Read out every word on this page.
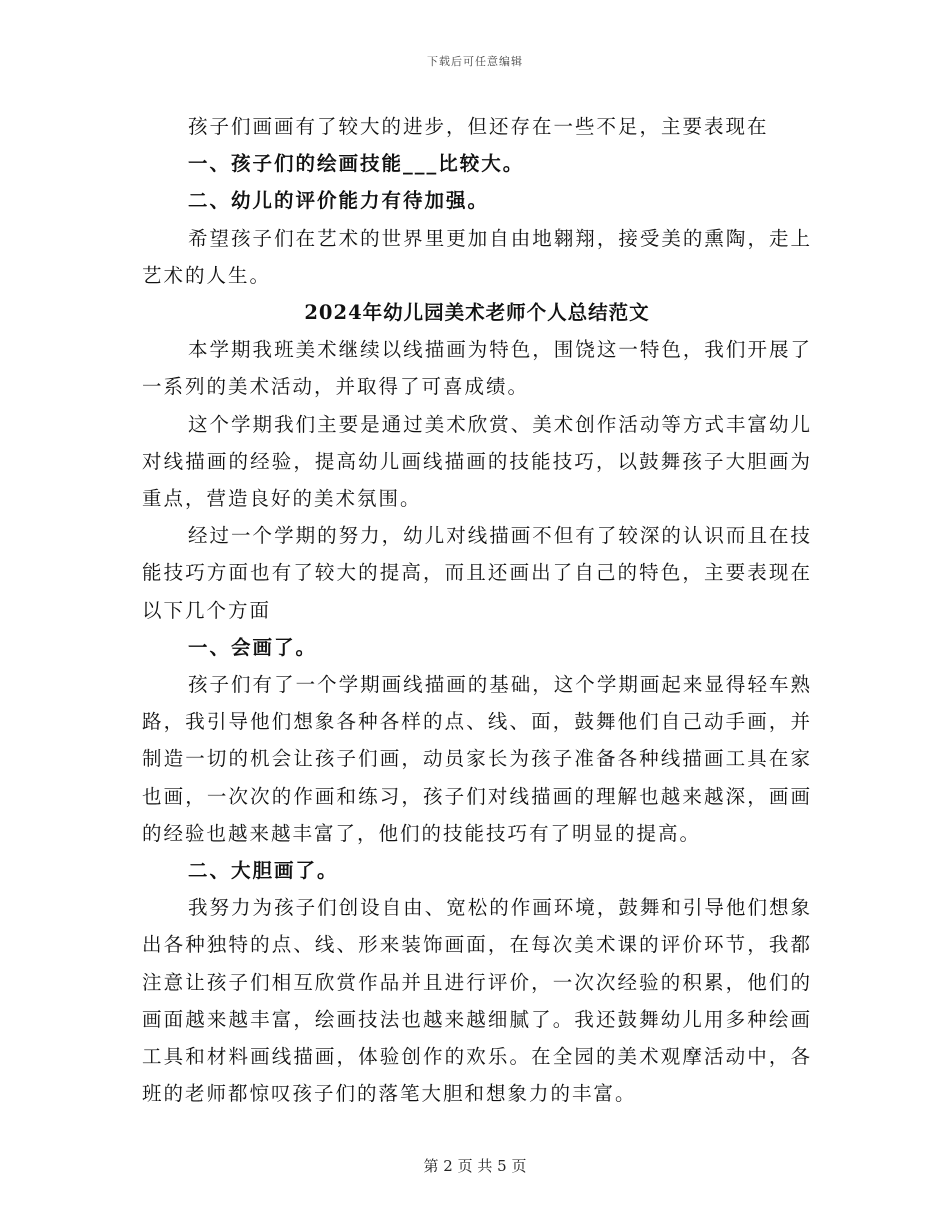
下载后可任意编辑

孩子们画画有了较大的进步，但还存在一些不足，主要表现在

一、孩子们的绘画技能___比较大。

二、幼儿的评价能力有待加强。

希望孩子们在艺术的世界里更加自由地翱翔，接受美的熏陶，走上艺术的人生。

2024年幼儿园美术老师个人总结范文

本学期我班美术继续以线描画为特色，围饶这一特色，我们开展了一系列的美术活动，并取得了可喜成绩。

这个学期我们主要是通过美术欣赏、美术创作活动等方式丰富幼儿对线描画的经验，提高幼儿画线描画的技能技巧，以鼓舞孩子大胆画为重点，营造良好的美术氛围。

经过一个学期的努力，幼儿对线描画不但有了较深的认识而且在技能技巧方面也有了较大的提高，而且还画出了自己的特色，主要表现在以下几个方面

一、会画了。

孩子们有了一个学期画线描画的基础，这个学期画起来显得轻车熟路，我引导他们想象各种各样的点、线、面，鼓舞他们自己动手画，并制造一切的机会让孩子们画，动员家长为孩子准备各种线描画工具在家也画，一次次的作画和练习，孩子们对线描画的理解也越来越深，画画的经验也越来越丰富了，他们的技能技巧有了明显的提高。

二、大胆画了。

我努力为孩子们创设自由、宽松的作画环境，鼓舞和引导他们想象出各种独特的点、线、形来装饰画面，在每次美术课的评价环节，我都注意让孩子们相互欣赏作品并且进行评价，一次次经验的积累，他们的画面越来越丰富，绘画技法也越来越细腻了。我还鼓舞幼儿用多种绘画工具和材料画线描画，体验创作的欢乐。在全园的美术观摩活动中，各班的老师都惊叹孩子们的落笔大胆和想象力的丰富。

第 2 页 共 5 页
